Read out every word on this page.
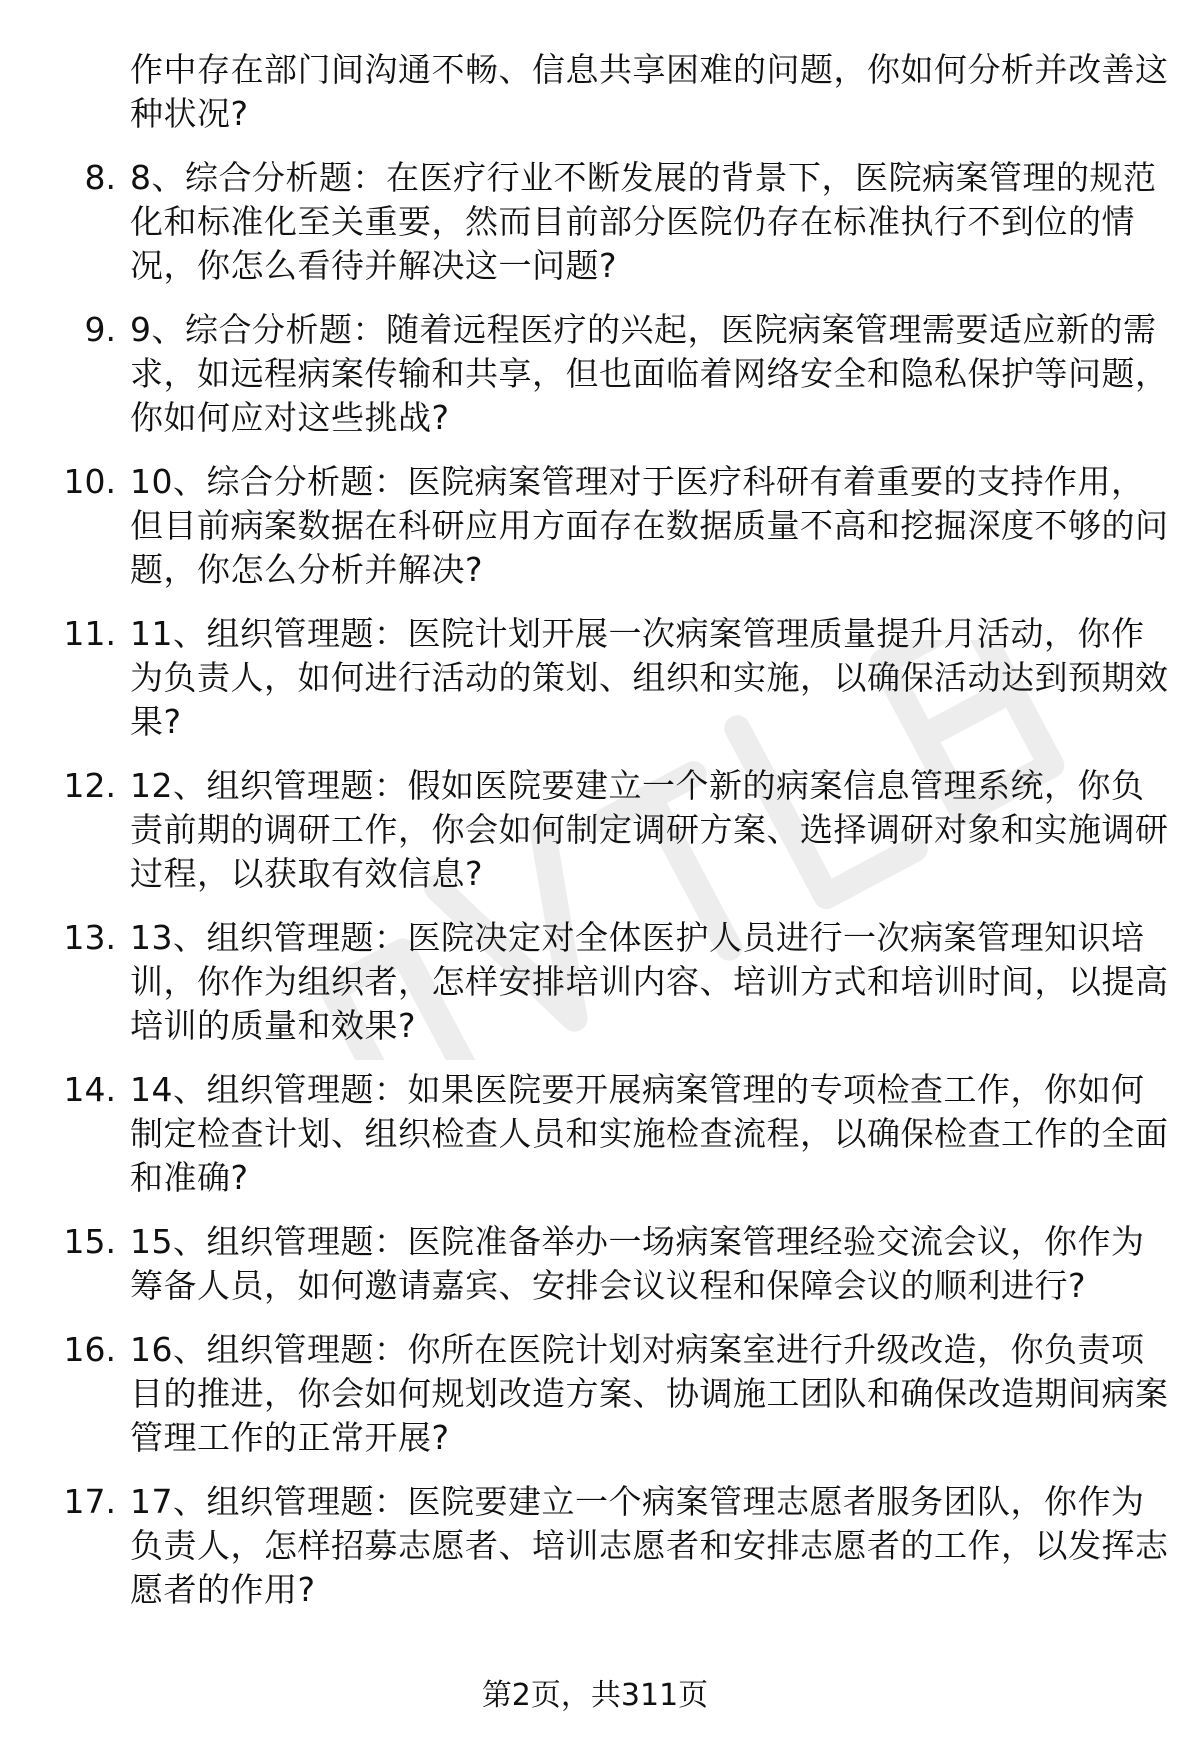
作中存在部门间沟通不畅、信息共享困难的问题，你如何分析并改善这种状况?
8. 8、综合分析题：在医疗行业不断发展的背景下，医院病案管理的规范化和标准化至关重要，然而目前部分医院仍存在标准执行不到位的情况，你怎么看待并解决这一问题?
9. 9、综合分析题：随着远程医疗的兴起，医院病案管理需要适应新的需求，如远程病案传输和共享，但也面临着网络安全和隐私保护等问题，你如何应对这些挑战?
10. 10、综合分析题：医院病案管理对于医疗科研有着重要的支持作用，但目前病案数据在科研应用方面存在数据质量不高和挖掘深度不够的问题，你怎么分析并解决?
11. 11、组织管理题：医院计划开展一次病案管理质量提升月活动，你作为负责人，如何进行活动的策划、组织和实施，以确保活动达到预期效果?
12. 12、组织管理题：假如医院要建立一个新的病案信息管理系统，你负责前期的调研工作，你会如何制定调研方案、选择调研对象和实施调研过程，以获取有效信息?
13. 13、组织管理题：医院决定对全体医护人员进行一次病案管理知识培训，你作为组织者，怎样安排培训内容、培训方式和培训时间，以提高培训的质量和效果?
14. 14、组织管理题：如果医院要开展病案管理的专项检查工作，你如何制定检查计划、组织检查人员和实施检查流程，以确保检查工作的全面和准确?
15. 15、组织管理题：医院准备举办一场病案管理经验交流会议，你作为筹备人员，如何邀请嘉宾、安排会议议程和保障会议的顺利进行?
16. 16、组织管理题：你所在医院计划对病案室进行升级改造，你负责项目的推进，你会如何规划改造方案、协调施工团队和确保改造期间病案管理工作的正常开展?
17. 17、组织管理题：医院要建立一个病案管理志愿者服务团队，你作为负责人，怎样招募志愿者、培训志愿者和安排志愿者的工作，以发挥志愿者的作用?
第2页，共311页
